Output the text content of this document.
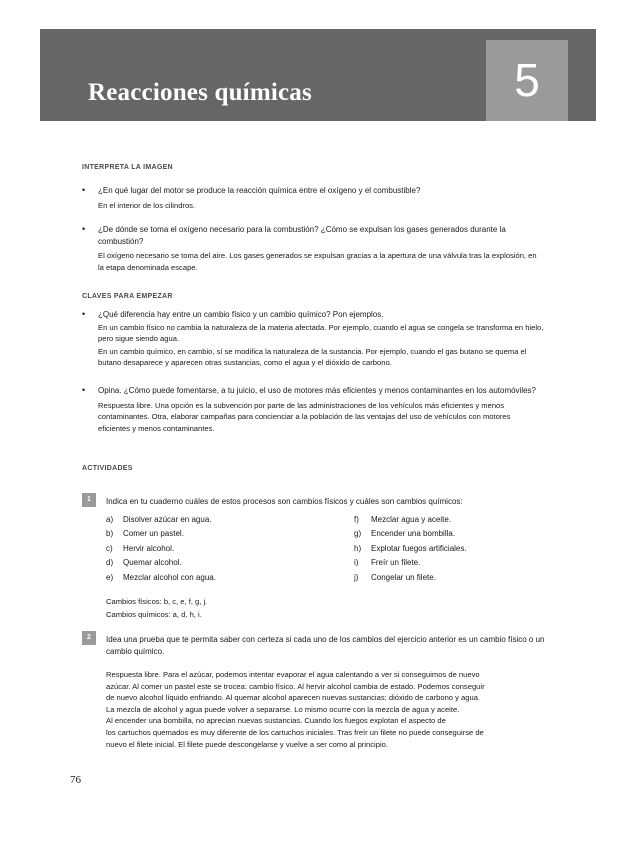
Reacciones químicas	5
INTERPRETA LA IMAGEN
• ¿En qué lugar del motor se produce la reacción química entre el oxígeno y el combustible?

En el interior de los cilindros.

• ¿De dónde se toma el oxígeno necesario para la combustión? ¿Cómo se expulsan los gases generados durante la combustión?

El oxígeno necesario se toma del aire. Los gases generados se expulsan gracias a la apertura de una válvula tras la explosión, en la etapa denominada escape.

CLAVES PARA EMPEZAR
• ¿Qué diferencia hay entre un cambio físico y un cambio químico? Pon ejemplos.

En un cambio físico no cambia la naturaleza de la materia afectada. Por ejemplo, cuando el agua se congela se transforma en hielo, pero sigue siendo agua.

En un cambio químico, en cambio, sí se modifica la naturaleza de la sustancia. Por ejemplo, cuando el gas butano se quema el butano desaparece y aparecen otras sustancias, como el agua y el dióxido de carbono.

• Opina. ¿Cómo puede fomentarse, a tu juicio, el uso de motores más eficientes y menos contaminantes en los automóviles?

Respuesta libre. Una opción es la subvención por parte de las administraciones de los vehículos más eficientes y menos contaminantes. Otra, elaborar campañas para concienciar a la población de las ventajas del uso de vehículos con motores eficientes y menos contaminantes.

ACTIVIDADES
1	Indica en tu cuaderno cuáles de estos procesos son cambios físicos y cuáles son cambios químicos:
a)	Disolver azúcar en agua.
b)	Comer un pastel.
c)	Hervir alcohol.
d)	Quemar alcohol.
e)	Mezclar alcohol con agua.
f)	Mezclar agua y aceite.
g)	Encender una bombilla.
h)	Explotar fuegos artificiales.
i)	Freír un filete.
j)	Congelar un filete.
Cambios físicos: b, c, e, f, g, j.
Cambios químicos: a, d, h, i.
2	Idea una prueba que te permita saber con certeza si cada uno de los cambios del ejercicio anterior es un cambio físico o un cambio químico.
Respuesta libre. Para el azúcar, podemos intentar evaporar el agua calentando a ver si conseguimos de nuevo
azúcar. Al comer un pastel este se trocea: cambio físico. Al hervir alcohol cambia de estado. Podemos conseguir
de nuevo alcohol líquido enfriando. Al quemar alcohol aparecen nuevas sustancias: dióxido de carbono y agua.
La mezcla de alcohol y agua puede volver a separarse. Lo mismo ocurre con la mezcla de agua y aceite.
Al encender una bombilla, no aprecian nuevas sustancias. Cuando los fuegos explotan el aspecto de
los cartuchos quemados es muy diferente de los cartuchos iniciales. Tras freír un filete no puede conseguirse de
nuevo el filete inicial. El filete puede descongelarse y vuelve a ser como al principio.
76
